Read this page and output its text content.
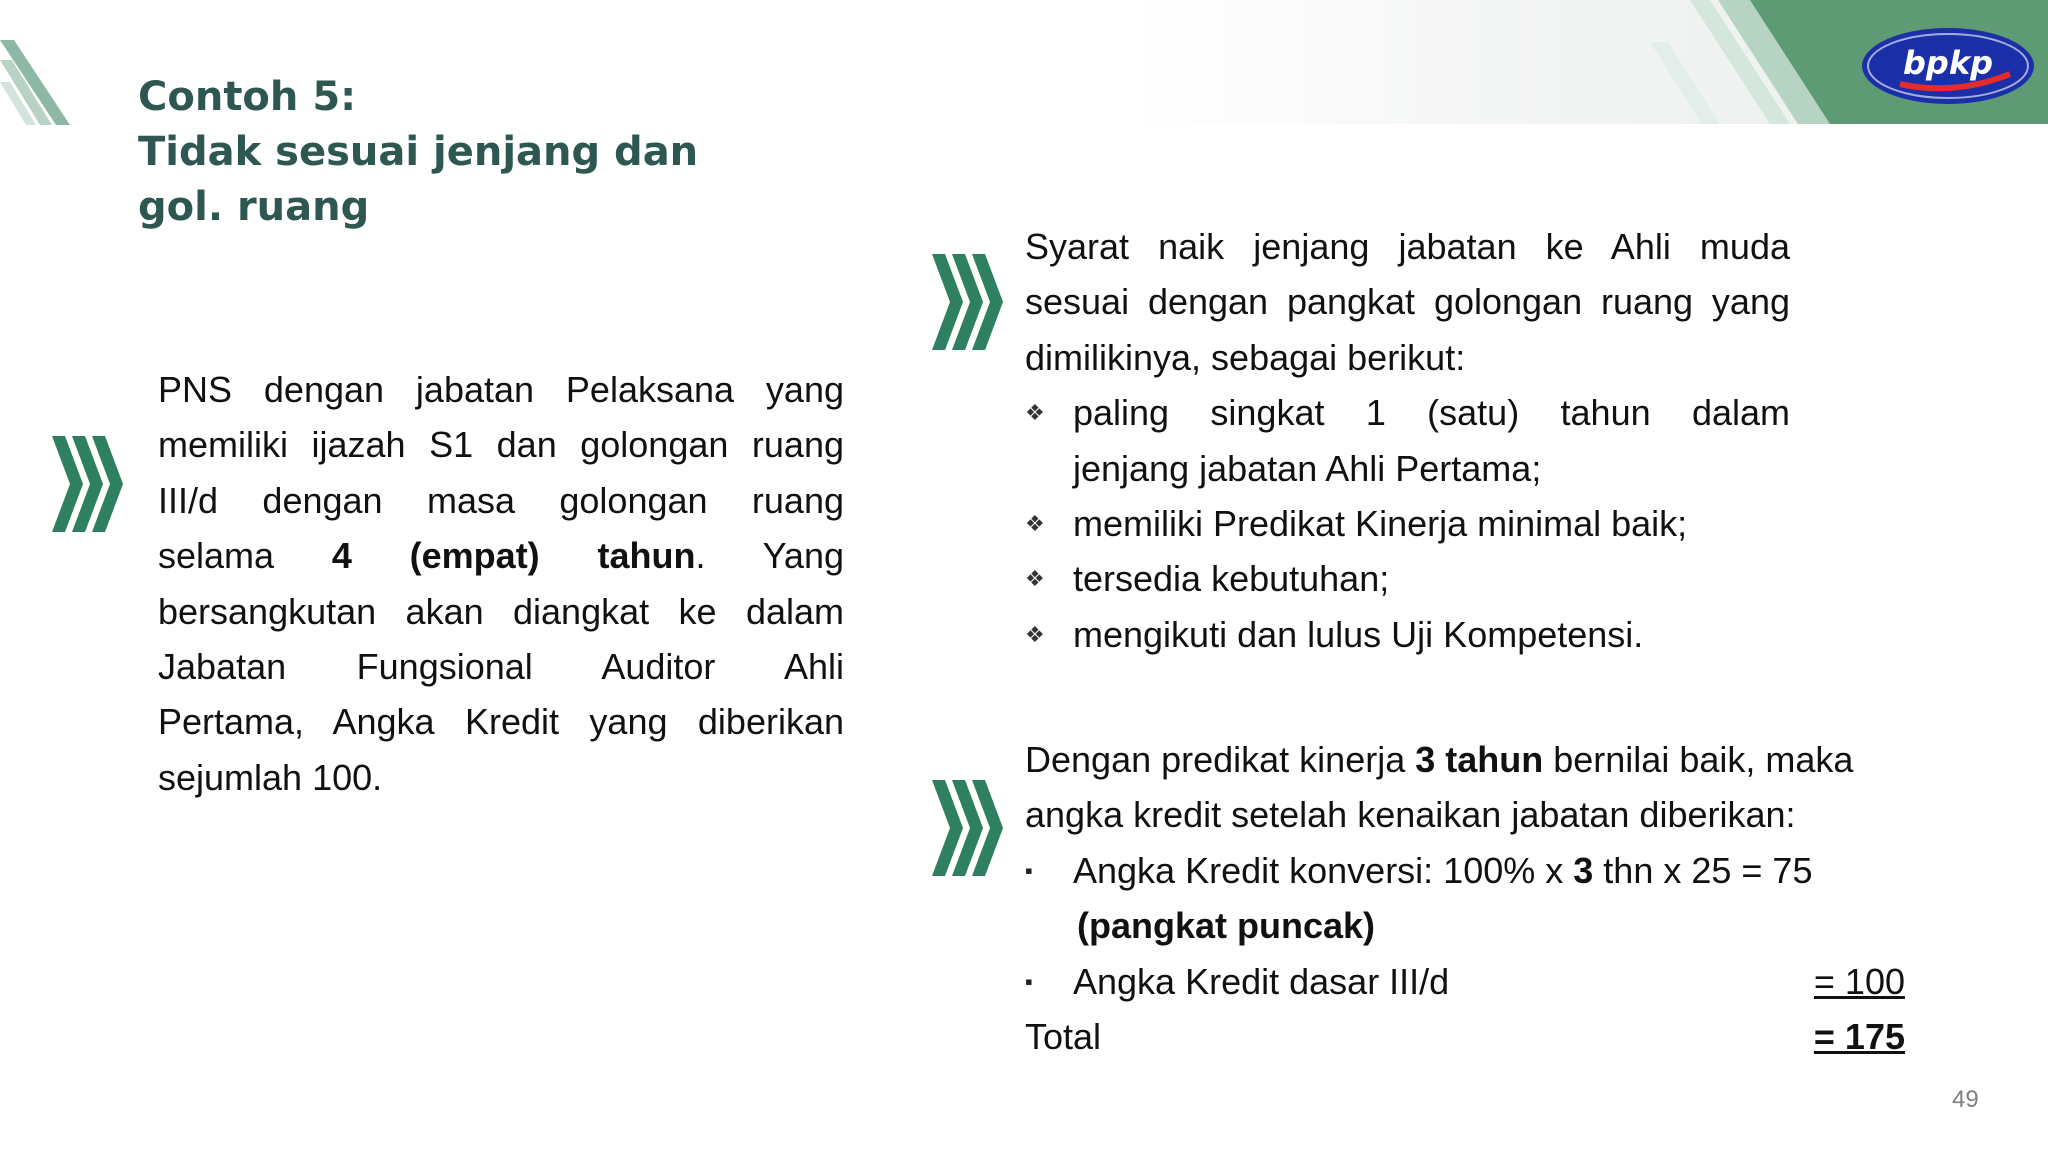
bpkp
Contoh 5:
Tidak sesuai jenjang dan
gol. ruang
PNS dengan jabatan Pelaksana yang
memiliki ijazah S1 dan golongan ruang
III/d dengan masa golongan ruang
selama 4 (empat) tahun. Yang
bersangkutan akan diangkat ke dalam
Jabatan Fungsional Auditor Ahli
Pertama, Angka Kredit yang diberikan
sejumlah 100.
Syarat naik jenjang jabatan ke Ahli muda
sesuai dengan pangkat golongan ruang yang
dimilikinya, sebagai berikut:
❖ paling singkat 1 (satu) tahun dalam
jenjang jabatan Ahli Pertama;
❖ memiliki Predikat Kinerja minimal baik;
❖ tersedia kebutuhan;
❖ mengikuti dan lulus Uji Kompetensi.
Dengan predikat kinerja 3 tahun bernilai baik, maka
angka kredit setelah kenaikan jabatan diberikan:
▪ Angka Kredit konversi: 100% x 3 thn x 25 = 75
(pangkat puncak)
▪ Angka Kredit dasar III/d	= 100
Total	= 175
49
